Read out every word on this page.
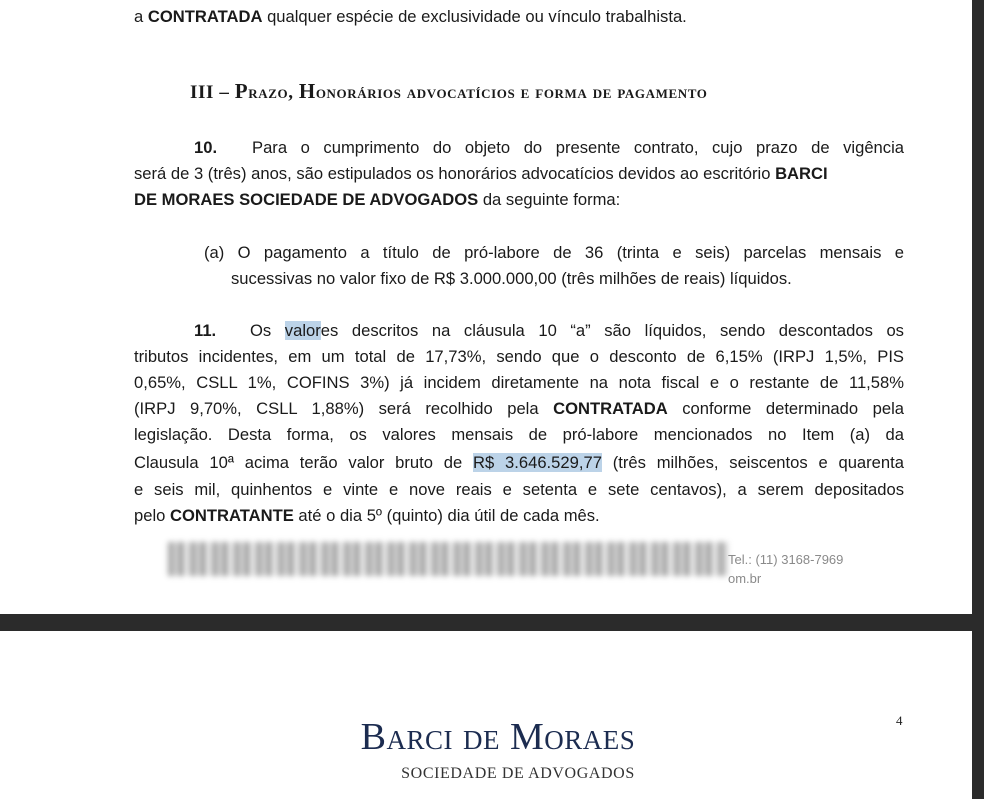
a CONTRATADA qualquer espécie de exclusividade ou vínculo trabalhista.
III – Prazo, Honorários advocatícios e forma de pagamento
10. Para o cumprimento do objeto do presente contrato, cujo prazo de vigência
será de 3 (três) anos, são estipulados os honorários advocatícios devidos ao escritório BARCI
DE MORAES SOCIEDADE DE ADVOGADOS da seguinte forma:
(a) O pagamento a título de pró-labore de 36 (trinta e seis) parcelas mensais e
sucessivas no valor fixo de R$ 3.000.000,00 (três milhões de reais) líquidos.
11. Os valores descritos na cláusula 10 “a” são líquidos, sendo descontados os
tributos incidentes, em um total de 17,73%, sendo que o desconto de 6,15% (IRPJ 1,5%, PIS
0,65%, CSLL 1%, COFINS 3%) já incidem diretamente na nota fiscal e o restante de 11,58%
(IRPJ 9,70%, CSLL 1,88%) será recolhido pela CONTRATADA conforme determinado pela
legislação. Desta forma, os valores mensais de pró-labore mencionados no Item (a) da
Clausula 10ª acima terão valor bruto de R$ 3.646.529,77 (três milhões, seiscentos e quarenta
e seis mil, quinhentos e vinte e nove reais e setenta e sete centavos), a serem depositados
pelo CONTRATANTE até o dia 5º (quinto) dia útil de cada mês.
Tel.: (11) 3168-7969
om.br
Barci de Moraes
SOCIEDADE DE ADVOGADOS
4
